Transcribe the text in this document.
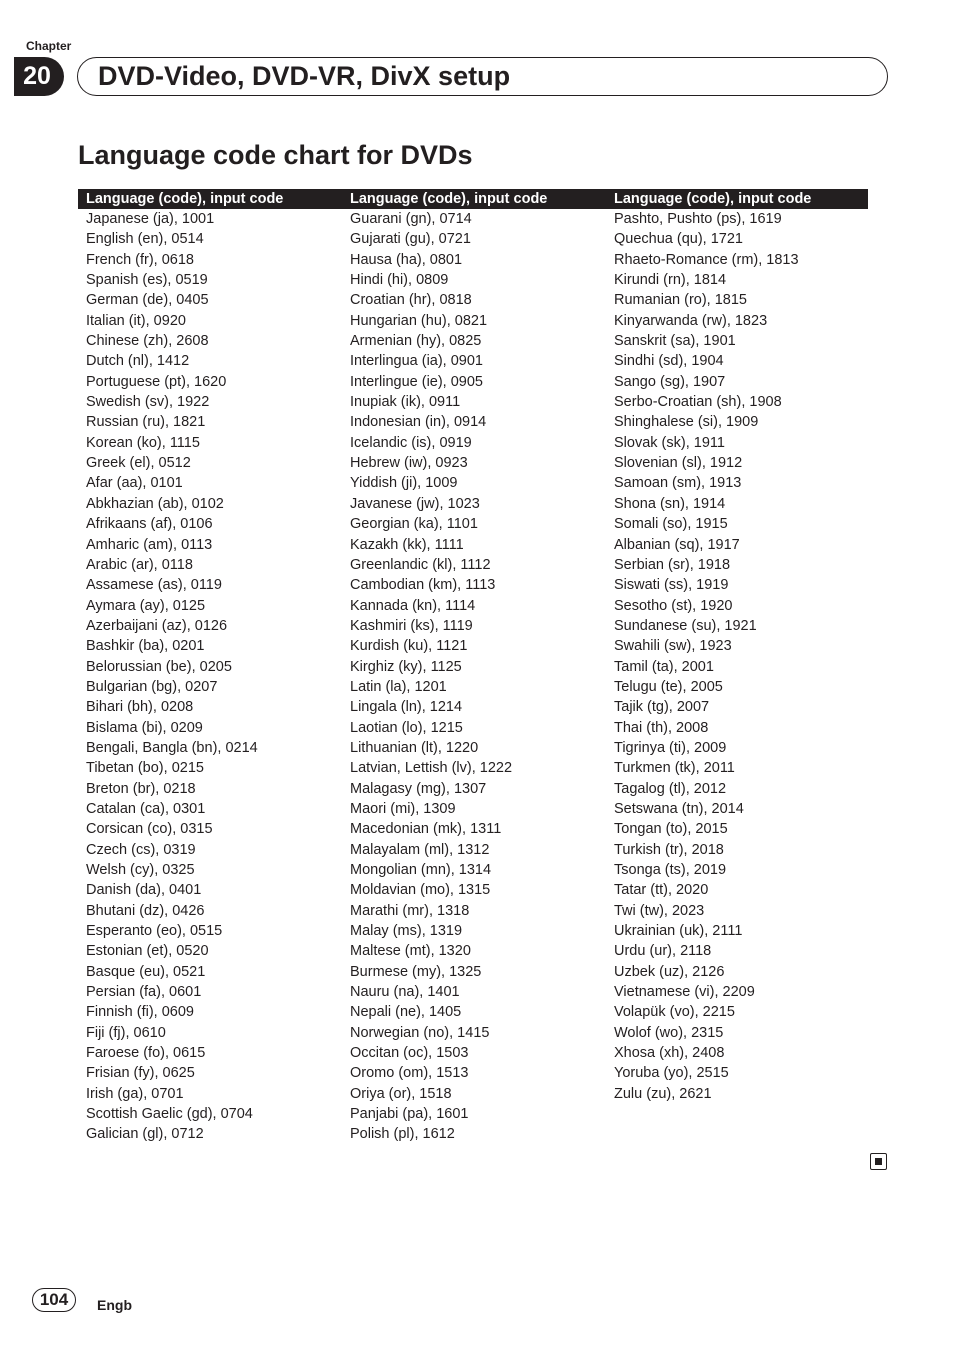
Chapter
20	DVD-Video, DVD-VR, DivX setup
Language code chart for DVDs
Language (code), input code
Japanese (ja), 1001
English (en), 0514
French (fr), 0618
Spanish (es), 0519
German (de), 0405
Italian (it), 0920
Chinese (zh), 2608
Dutch (nl), 1412
Portuguese (pt), 1620
Swedish (sv), 1922
Russian (ru), 1821
Korean (ko), 1115
Greek (el), 0512
Afar (aa), 0101
Abkhazian (ab), 0102
Afrikaans (af), 0106
Amharic (am), 0113
Arabic (ar), 0118
Assamese (as), 0119
Aymara (ay), 0125
Azerbaijani (az), 0126
Bashkir (ba), 0201
Belorussian (be), 0205
Bulgarian (bg), 0207
Bihari (bh), 0208
Bislama (bi), 0209
Bengali, Bangla (bn), 0214
Tibetan (bo), 0215
Breton (br), 0218
Catalan (ca), 0301
Corsican (co), 0315
Czech (cs), 0319
Welsh (cy), 0325
Danish (da), 0401
Bhutani (dz), 0426
Esperanto (eo), 0515
Estonian (et), 0520
Basque (eu), 0521
Persian (fa), 0601
Finnish (fi), 0609
Fiji (fj), 0610
Faroese (fo), 0615
Frisian (fy), 0625
Irish (ga), 0701
Scottish Gaelic (gd), 0704
Galician (gl), 0712
Language (code), input code
Guarani (gn), 0714
Gujarati (gu), 0721
Hausa (ha), 0801
Hindi (hi), 0809
Croatian (hr), 0818
Hungarian (hu), 0821
Armenian (hy), 0825
Interlingua (ia), 0901
Interlingue (ie), 0905
Inupiak (ik), 0911
Indonesian (in), 0914
Icelandic (is), 0919
Hebrew (iw), 0923
Yiddish (ji), 1009
Javanese (jw), 1023
Georgian (ka), 1101
Kazakh (kk), 1111
Greenlandic (kl), 1112
Cambodian (km), 1113
Kannada (kn), 1114
Kashmiri (ks), 1119
Kurdish (ku), 1121
Kirghiz (ky), 1125
Latin (la), 1201
Lingala (ln), 1214
Laotian (lo), 1215
Lithuanian (lt), 1220
Latvian, Lettish (lv), 1222
Malagasy (mg), 1307
Maori (mi), 1309
Macedonian (mk), 1311
Malayalam (ml), 1312
Mongolian (mn), 1314
Moldavian (mo), 1315
Marathi (mr), 1318
Malay (ms), 1319
Maltese (mt), 1320
Burmese (my), 1325
Nauru (na), 1401
Nepali (ne), 1405
Norwegian (no), 1415
Occitan (oc), 1503
Oromo (om), 1513
Oriya (or), 1518
Panjabi (pa), 1601
Polish (pl), 1612
Language (code), input code
Pashto, Pushto (ps), 1619
Quechua (qu), 1721
Rhaeto-Romance (rm), 1813
Kirundi (rn), 1814
Rumanian (ro), 1815
Kinyarwanda (rw), 1823
Sanskrit (sa), 1901
Sindhi (sd), 1904
Sango (sg), 1907
Serbo-Croatian (sh), 1908
Shinghalese (si), 1909
Slovak (sk), 1911
Slovenian (sl), 1912
Samoan (sm), 1913
Shona (sn), 1914
Somali (so), 1915
Albanian (sq), 1917
Serbian (sr), 1918
Siswati (ss), 1919
Sesotho (st), 1920
Sundanese (su), 1921
Swahili (sw), 1923
Tamil (ta), 2001
Telugu (te), 2005
Tajik (tg), 2007
Thai (th), 2008
Tigrinya (ti), 2009
Turkmen (tk), 2011
Tagalog (tl), 2012
Setswana (tn), 2014
Tongan (to), 2015
Turkish (tr), 2018
Tsonga (ts), 2019
Tatar (tt), 2020
Twi (tw), 2023
Ukrainian (uk), 2111
Urdu (ur), 2118
Uzbek (uz), 2126
Vietnamese (vi), 2209
Volapük (vo), 2215
Wolof (wo), 2315
Xhosa (xh), 2408
Yoruba (yo), 2515
Zulu (zu), 2621
104	Engb
